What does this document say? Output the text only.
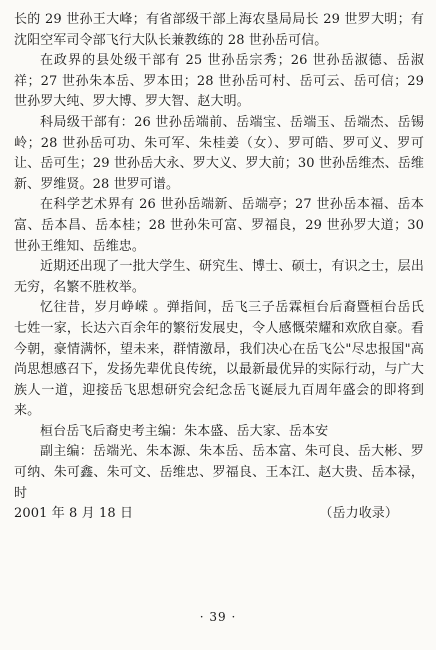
长的 29 世孙王大峰；有省部级干部上海农垦局局长 29 世罗大明；有沈阳空军司令部飞行大队长兼教练的 28 世孙岳可信。

在政界的县处级干部有 25 世孙岳宗秀；26 世孙岳淑德、岳淑祥；27 世孙朱本岳、罗本田；28 世孙岳可村、岳可云、岳可信；29 世孙罗大纯、罗大博、罗大智、赵大明。

科局级干部有：26 世孙岳端前、岳端宝、岳端玉、岳端杰、岳锡岭；28 世孙岳可功、朱可军、朱桂姜（女）、罗可皓、罗可义、罗可让、岳可生；29 世孙岳大永、罗大义、罗大前；30 世孙岳维杰、岳维新、罗维贤。28 世罗可谱。

在科学艺术界有 26 世孙岳端新、岳端亭；27 世孙岳本福、岳本富、岳本昌、岳本桂；28 世孙朱可富、罗福良，29 世孙罗大道；30 世孙王维知、岳维忠。

近期还出现了一批大学生、研究生、博士、硕士，有识之士，层出无穷，名繁不胜枚举。

忆往昔，岁月峥嵘 。弹指间，岳飞三子岳霖桓台后裔暨桓台岳氏七姓一家，长达六百余年的繁衍发展史，令人感慨荣耀和欢欣自豪。看今朝，豪情满怀，望未来，群情激昂，我们决心在岳飞公"尽忠报国"高尚思想感召下，发扬先辈优良传统，以最新最优异的实际行动，与广大族人一道，迎接岳飞思想研究会纪念岳飞诞辰九百周年盛会的即将到来。

桓台岳飞后裔史考主编：朱本盛、岳大家、岳本安

副主编：岳端光、朱本源、朱本岳、岳本富、朱可良、岳大彬、罗可纳、朱可鑫、朱可文、岳维忠、罗福良、王本江、赵大贵、岳本禄，时

2001 年 8 月 18 日	（岳力收录）
· 39 ·
